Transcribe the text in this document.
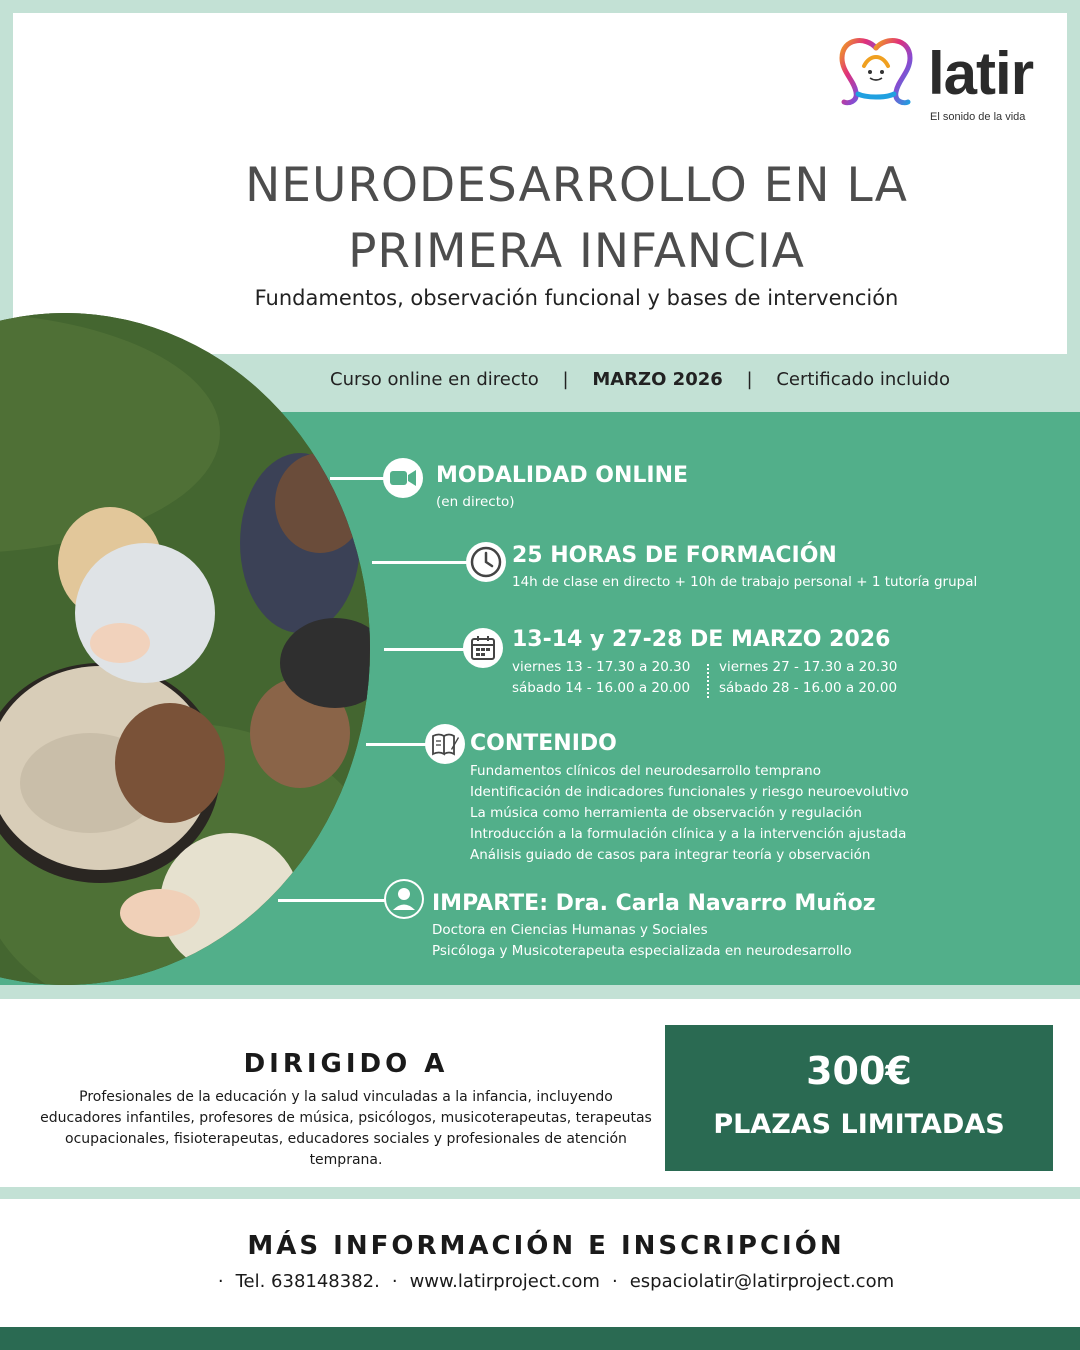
latir
El sonido de la vida
NEURODESARROLLO EN LA
PRIMERA INFANCIA
Fundamentos, observación funcional y bases de intervención
Curso online en directo | MARZO 2026 | Certificado incluido
MODALIDAD ONLINE
(en directo)
25 HORAS DE FORMACIÓN
14h de clase en directo + 10h de trabajo personal + 1 tutoría grupal
13-14 y 27-28 DE MARZO 2026
viernes 13 - 17.30 a 20.30
sábado 14 - 16.00 a 20.00
viernes 27 - 17.30 a 20.30
sábado 28 - 16.00 a 20.00
CONTENIDO
Fundamentos clínicos del neurodesarrollo temprano
Identificación de indicadores funcionales y riesgo neuroevolutivo
La música como herramienta de observación y regulación
Introducción a la formulación clínica y a la intervención ajustada
Análisis guiado de casos para integrar teoría y observación
IMPARTE: Dra. Carla Navarro Muñoz
Doctora en Ciencias Humanas y Sociales
Psicóloga y Musicoterapeuta especializada en neurodesarrollo
DIRIGIDO A
Profesionales de la educación y la salud vinculadas a la infancia, incluyendo educadores infantiles, profesores de música, psicólogos, musicoterapeutas, terapeutas ocupacionales, fisioterapeutas, educadores sociales y profesionales de atención temprana.
300€
PLAZAS LIMITADAS
MÁS INFORMACIÓN E INSCRIPCIÓN
· Tel. 638148382. · www.latirproject.com · espaciolatir@latirproject.com
